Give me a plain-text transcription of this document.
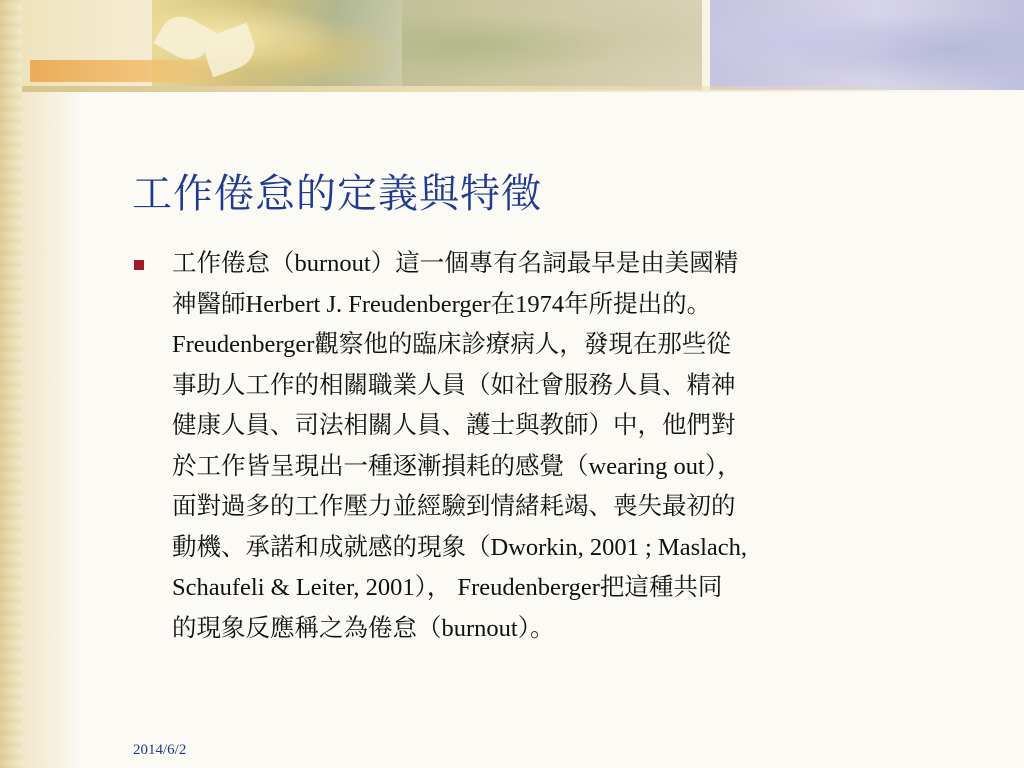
工作倦怠的定義與特徵
工作倦怠（burnout）這一個專有名詞最早是由美國精
神醫師Herbert J. Freudenberger在1974年所提出的。
Freudenberger觀察他的臨床診療病人，發現在那些從
事助人工作的相關職業人員（如社會服務人員、精神
健康人員、司法相關人員、護士與教師）中，他們對
於工作皆呈現出一種逐漸損耗的感覺（wearing out），
面對過多的工作壓力並經驗到情緒耗竭、喪失最初的
動機、承諾和成就感的現象（Dworkin, 2001 ; Maslach,
Schaufeli & Leiter, 2001）， Freudenberger把這種共同
的現象反應稱之為倦怠（burnout）。
2014/6/2
